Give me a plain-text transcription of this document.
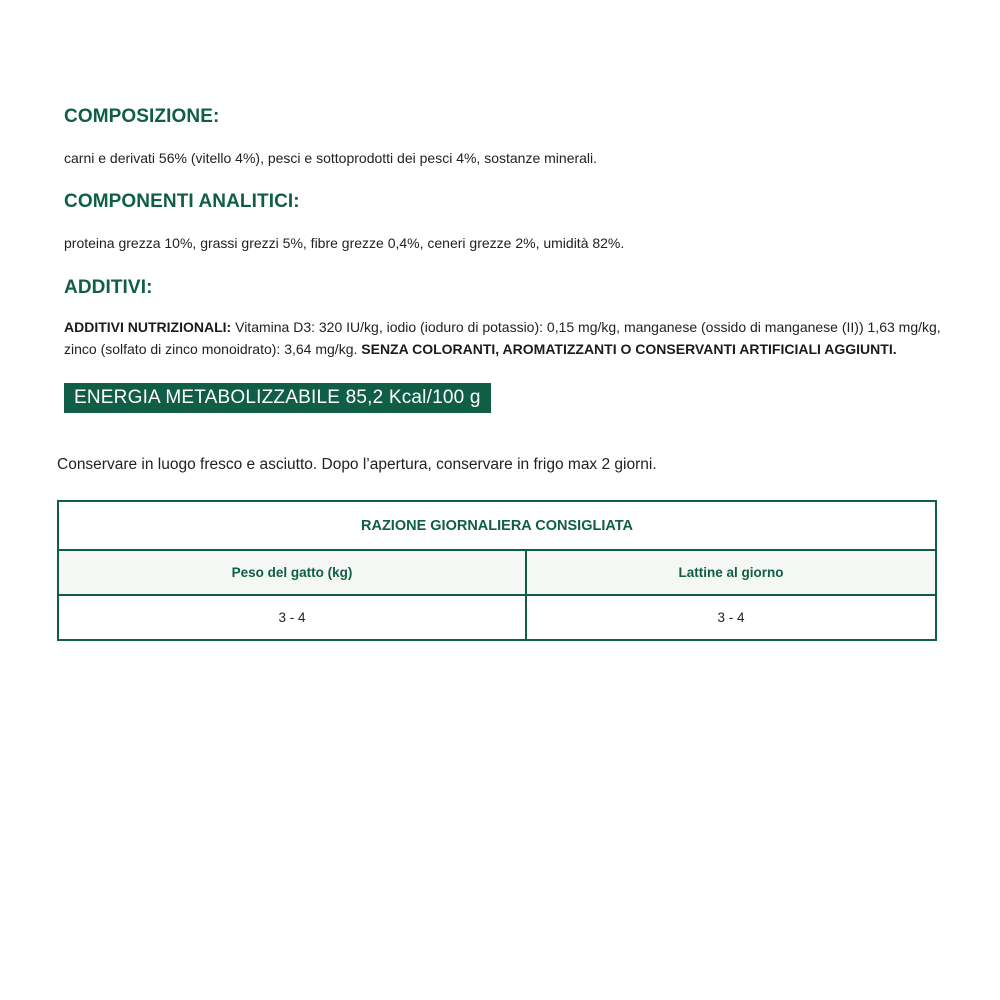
COMPOSIZIONE:

carni e derivati 56% (vitello 4%), pesci e sottoprodotti dei pesci 4%, sostanze minerali.

COMPONENTI ANALITICI:

proteina grezza 10%, grassi grezzi 5%, fibre grezze 0,4%, ceneri grezze 2%, umidità 82%.

ADDITIVI:

ADDITIVI NUTRIZIONALI: Vitamina D3: 320 IU/kg, iodio (ioduro di potassio): 0,15 mg/kg, manganese (ossido di manganese (II)) 1,63 mg/kg, zinco (solfato di zinco monoidrato): 3,64 mg/kg. SENZA COLORANTI, AROMATIZZANTI O CONSERVANTI ARTIFICIALI AGGIUNTI.

ENERGIA METABOLIZZABILE 85,2 Kcal/100 g

Conservare in luogo fresco e asciutto. Dopo l’apertura, conservare in frigo max 2 giorni.

RAZIONE GIORNALIERA CONSIGLIATA	
Peso del gatto (kg)	Lattine al giorno
3 - 4	3 - 4
